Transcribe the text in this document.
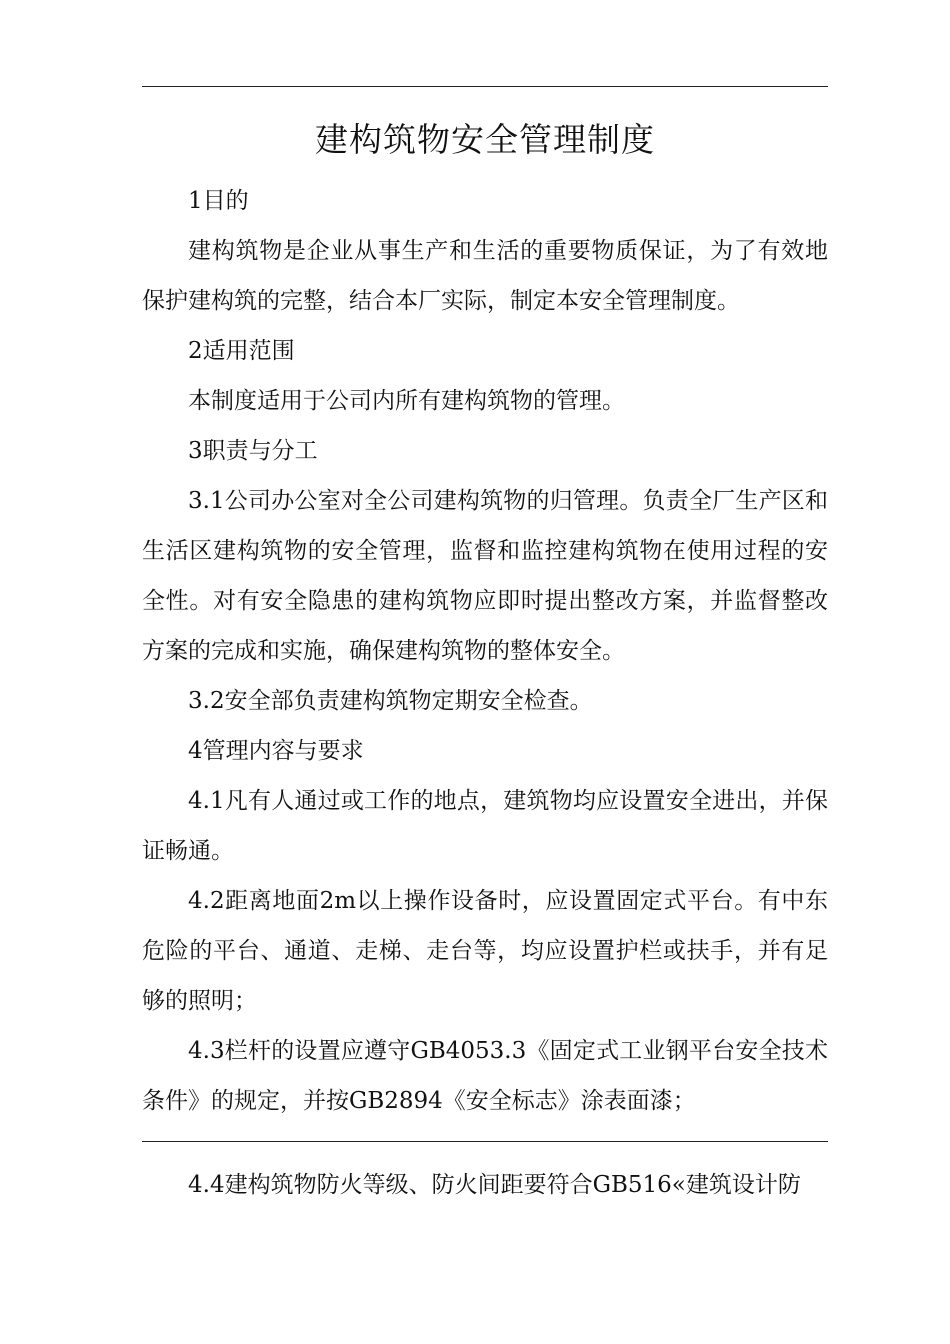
建构筑物安全管理制度

1目的

建构筑物是企业从事生产和生活的重要物质保证，为了有效地保护建构筑的完整，结合本厂实际，制定本安全管理制度。

2适用范围

本制度适用于公司内所有建构筑物的管理。

3职责与分工

3.1公司办公室对全公司建构筑物的归管理。负责全厂生产区和生活区建构筑物的安全管理，监督和监控建构筑物在使用过程的安全性。对有安全隐患的建构筑物应即时提出整改方案，并监督整改方案的完成和实施，确保建构筑物的整体安全。

3.2安全部负责建构筑物定期安全检查。

4管理内容与要求

4.1凡有人通过或工作的地点，建筑物均应设置安全进出，并保证畅通。

4.2距离地面2m以上操作设备时，应设置固定式平台。有中东危险的平台、通道、走梯、走台等，均应设置护栏或扶手，并有足够的照明；

4.3栏杆的设置应遵守GB4053.3《固定式工业钢平台安全技术条件》的规定，并按GB2894《安全标志》涂表面漆；

4.4建构筑物防火等级、防火间距要符合GB516«建筑设计防
